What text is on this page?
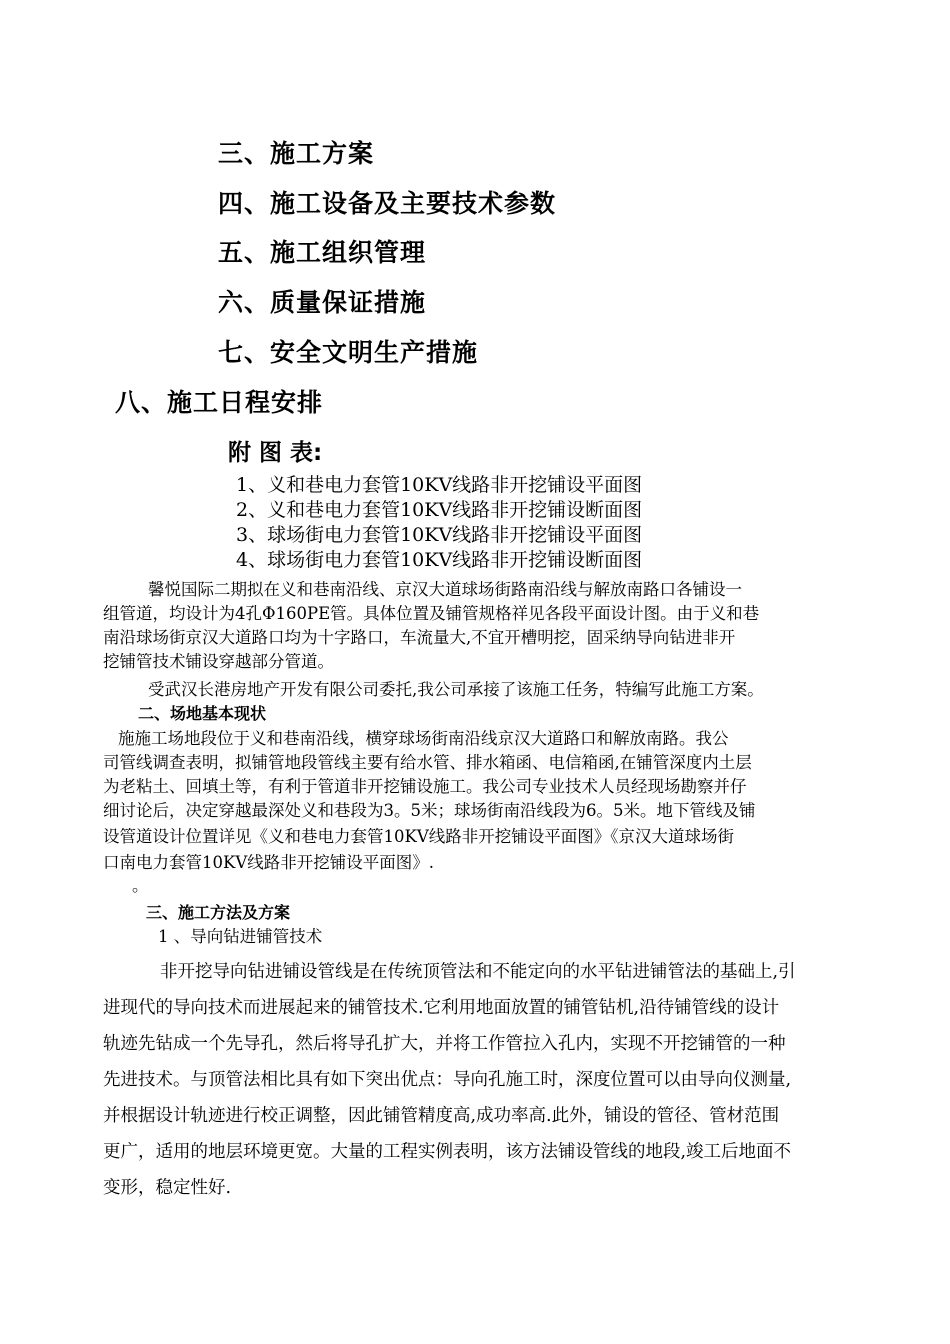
三、施工方案
四、施工设备及主要技术参数
五、施工组织管理
六、质量保证措施
七、安全文明生产措施
八、施工日程安排
附 图 表:
1、义和巷电力套管10KV线路非开挖铺设平面图
2、义和巷电力套管10KV线路非开挖铺设断面图
3、球场街电力套管10KV线路非开挖铺设平面图
4、球场街电力套管10KV线路非开挖铺设断面图
馨悦国际二期拟在义和巷南沿线、京汉大道球场街路南沿线与解放南路口各铺设一
组管道，均设计为4孔Φ160PE管。具体位置及铺管规格祥见各段平面设计图。由于义和巷
南沿球场街京汉大道路口均为十字路口，车流量大,不宜开槽明挖，固采纳导向钻进非开
挖铺管技术铺设穿越部分管道。
受武汉长港房地产开发有限公司委托,我公司承接了该施工任务，特编写此施工方案。
二、场地基本现状
施施工场地段位于义和巷南沿线，横穿球场街南沿线京汉大道路口和解放南路。我公
司管线调查表明，拟铺管地段管线主要有给水管、排水箱函、电信箱函,在铺管深度内土层
为老粘土、回填土等，有利于管道非开挖铺设施工。我公司专业技术人员经现场勘察并仔
细讨论后，决定穿越最深处义和巷段为3。5米；球场街南沿线段为6。5米。地下管线及铺
设管道设计位置详见《义和巷电力套管10KV线路非开挖铺设平面图》《京汉大道球场街
口南电力套管10KV线路非开挖铺设平面图》.
。
三、施工方法及方案
1 、导向钻进铺管技术
非开挖导向钻进铺设管线是在传统顶管法和不能定向的水平钻进铺管法的基础上,引
进现代的导向技术而进展起来的铺管技术.它利用地面放置的铺管钻机,沿待铺管线的设计
轨迹先钻成一个先导孔，然后将导孔扩大，并将工作管拉入孔内，实现不开挖铺管的一种
先进技术。与顶管法相比具有如下突出优点：导向孔施工时，深度位置可以由导向仪测量,
并根据设计轨迹进行校正调整，因此铺管精度高,成功率高.此外，铺设的管径、管材范围
更广，适用的地层环境更宽。大量的工程实例表明，该方法铺设管线的地段,竣工后地面不
变形，稳定性好.
